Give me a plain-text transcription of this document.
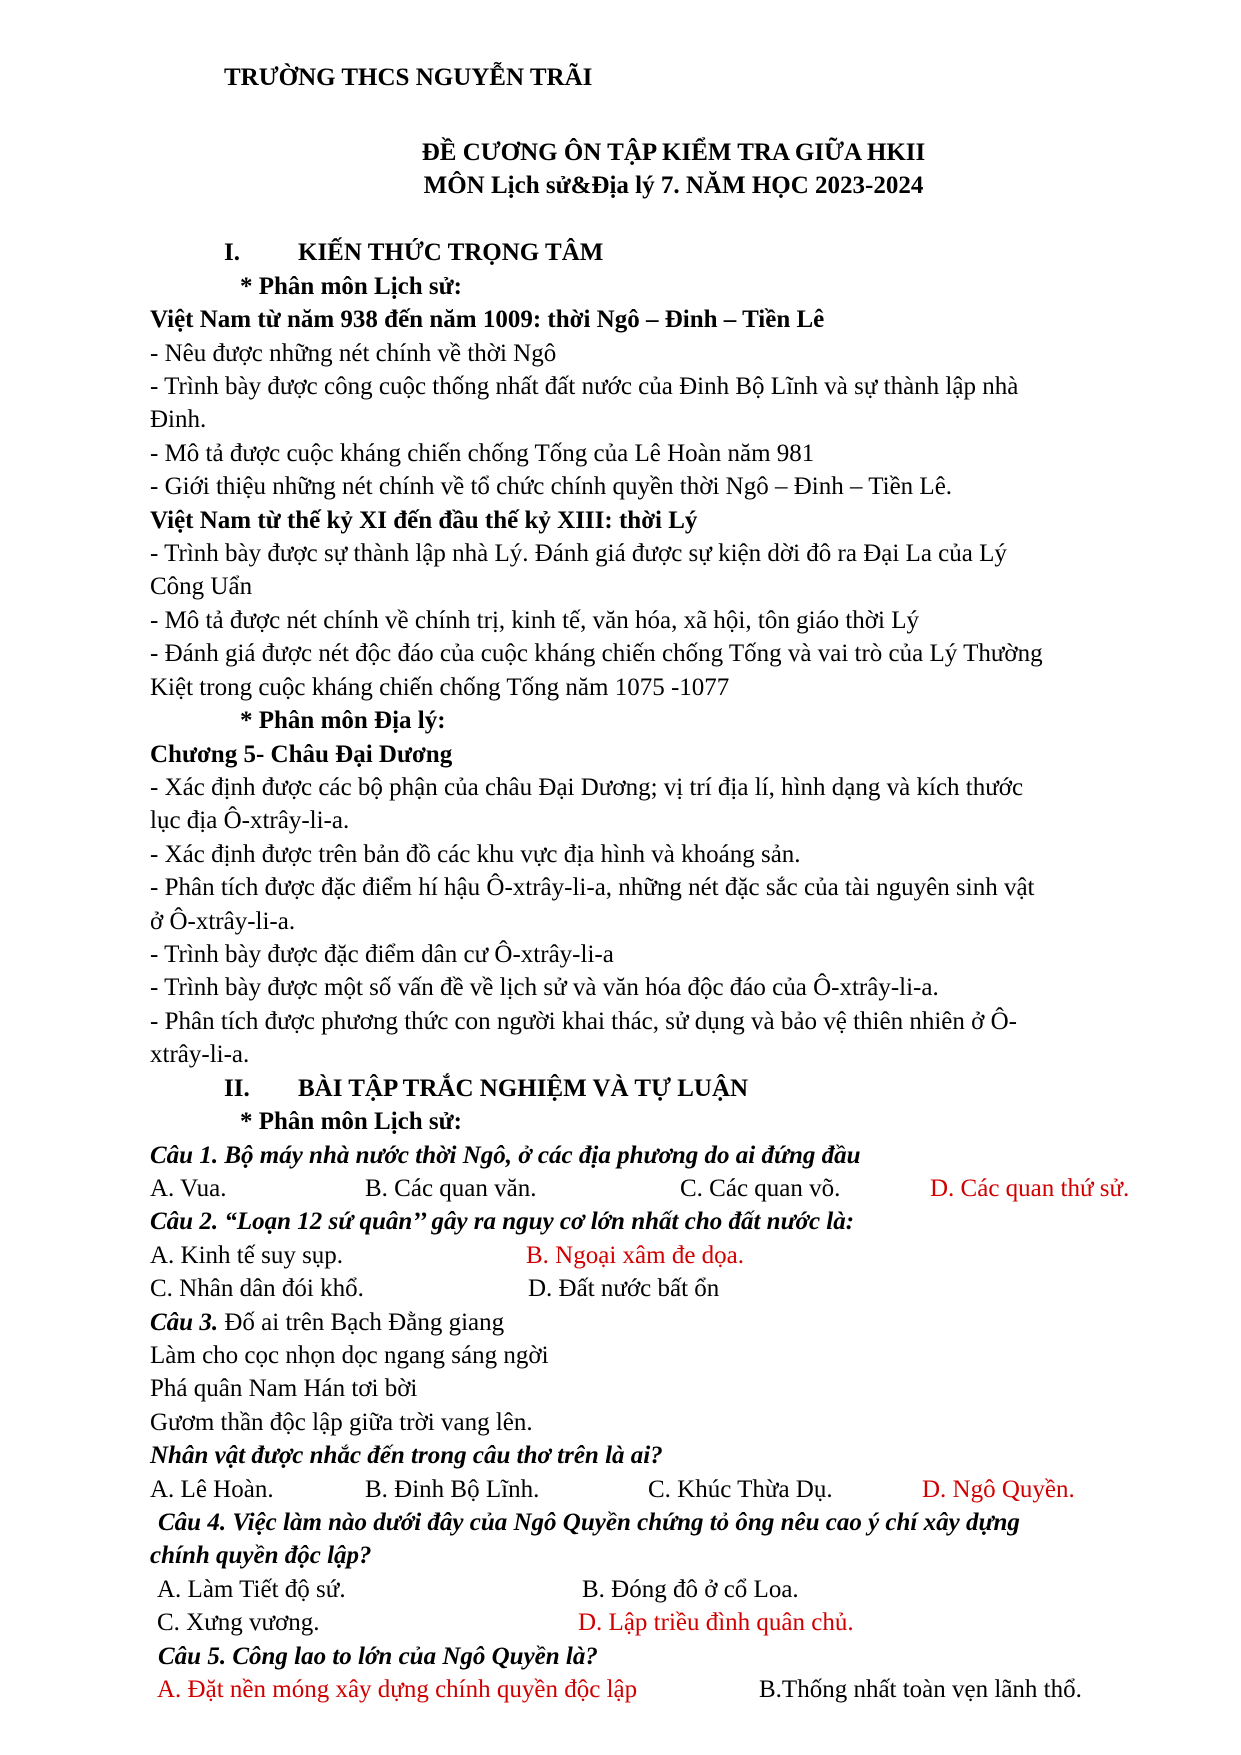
TRƯỜNG THCS NGUYỄN TRÃI
ĐỀ CƯƠNG ÔN TẬP KIỂM TRA GIỮA HKII
MÔN Lịch sử&Địa lý 7. NĂM HỌC 2023-2024
I. KIẾN THỨC TRỌNG TÂM
* Phân môn Lịch sử:
Việt Nam từ năm 938 đến năm 1009: thời Ngô – Đinh – Tiền Lê
- Nêu được những nét chính về thời Ngô
- Trình bày được công cuộc thống nhất đất nước của Đinh Bộ Lĩnh và sự thành lập nhà
Đinh.
- Mô tả được cuộc kháng chiến chống Tống của Lê Hoàn năm 981
- Giới thiệu những nét chính về tổ chức chính quyền thời Ngô – Đinh – Tiền Lê.
Việt Nam từ thế kỷ XI đến đầu thế kỷ XIII: thời Lý
- Trình bày được sự thành lập nhà Lý. Đánh giá được sự kiện dời đô ra Đại La của Lý
Công Uẩn
- Mô tả được nét chính về chính trị, kinh tế, văn hóa, xã hội, tôn giáo thời Lý
- Đánh giá được nét độc đáo của cuộc kháng chiến chống Tống và vai trò của Lý Thường
Kiệt trong cuộc kháng chiến chống Tống năm 1075 -1077
* Phân môn Địa lý:
Chương 5- Châu Đại Dương
- Xác định được các bộ phận của châu Đại Dương; vị trí địa lí, hình dạng và kích thước
lục địa Ô-xtrây-li-a.
- Xác định được trên bản đồ các khu vực địa hình và khoáng sản.
- Phân tích được đặc điểm hí hậu Ô-xtrây-li-a, những nét đặc sắc của tài nguyên sinh vật
ở Ô-xtrây-li-a.
- Trình bày được đặc điểm dân cư Ô-xtrây-li-a
- Trình bày được một số vấn đề về lịch sử và văn hóa độc đáo của Ô-xtrây-li-a.
- Phân tích được phương thức con người khai thác, sử dụng và bảo vệ thiên nhiên ở Ô-
xtrây-li-a.
II. BÀI TẬP TRẮC NGHIỆM VÀ TỰ LUẬN
* Phân môn Lịch sử:
Câu 1. Bộ máy nhà nước thời Ngô, ở các địa phương do ai đứng đầu
A. Vua.	B. Các quan văn.	C. Các quan võ.	D. Các quan thứ sử.
Câu 2. “Loạn 12 sứ quân’’ gây ra nguy cơ lớn nhất cho đất nước là:
A. Kinh tế suy sụp.	B. Ngoại xâm đe dọa.
C. Nhân dân đói khổ.	D. Đất nước bất ổn
Câu 3. Đố ai trên Bạch Đằng giang
Làm cho cọc nhọn dọc ngang sáng ngời
Phá quân Nam Hán tơi bời
Gươm thần độc lập giữa trời vang lên.
Nhân vật được nhắc đến trong câu thơ trên là ai?
A. Lê Hoàn.	B. Đinh Bộ Lĩnh.	C. Khúc Thừa Dụ.	D. Ngô Quyền.
Câu 4. Việc làm nào dưới đây của Ngô Quyền chứng tỏ ông nêu cao ý chí xây dựng
chính quyền độc lập?
A. Làm Tiết độ sứ.	B. Đóng đô ở cổ Loa.
C. Xưng vương.	D. Lập triều đình quân chủ.
Câu 5. Công lao to lớn của Ngô Quyền là?
A. Đặt nền móng xây dựng chính quyền độc lập	B.Thống nhất toàn vẹn lãnh thổ.
